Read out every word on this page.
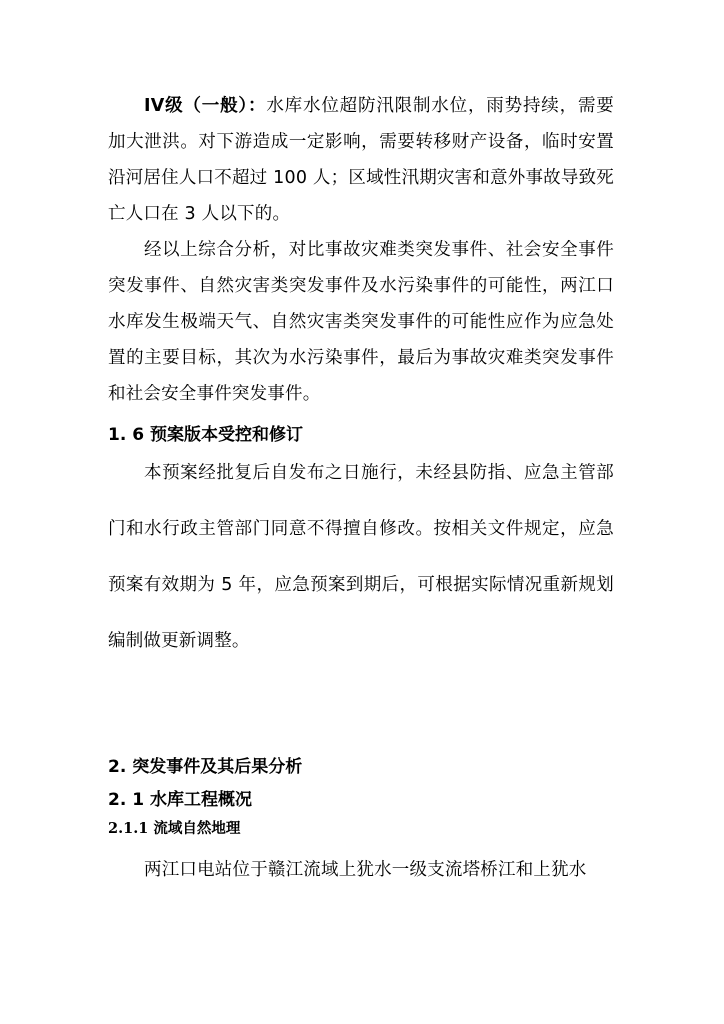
IV级（一般）：水库水位超防汛限制水位，雨势持续，需要加大泄洪。对下游造成一定影响，需要转移财产设备，临时安置沿河居住人口不超过 100 人；区域性汛期灾害和意外事故导致死亡人口在 3 人以下的。

经以上综合分析，对比事故灾难类突发事件、社会安全事件突发事件、自然灾害类突发事件及水污染事件的可能性，两江口水库发生极端天气、自然灾害类突发事件的可能性应作为应急处置的主要目标，其次为水污染事件，最后为事故灾难类突发事件和社会安全事件突发事件。

1. 6 预案版本受控和修订

本预案经批复后自发布之日施行，未经县防指、应急主管部门和水行政主管部门同意不得擅自修改。按相关文件规定，应急预案有效期为 5 年，应急预案到期后，可根据实际情况重新规划编制做更新调整。

2. 突发事件及其后果分析
2. 1 水库工程概况
2.1.1 流域自然地理

两江口电站位于赣江流域上犹水一级支流塔桥江和上犹水
